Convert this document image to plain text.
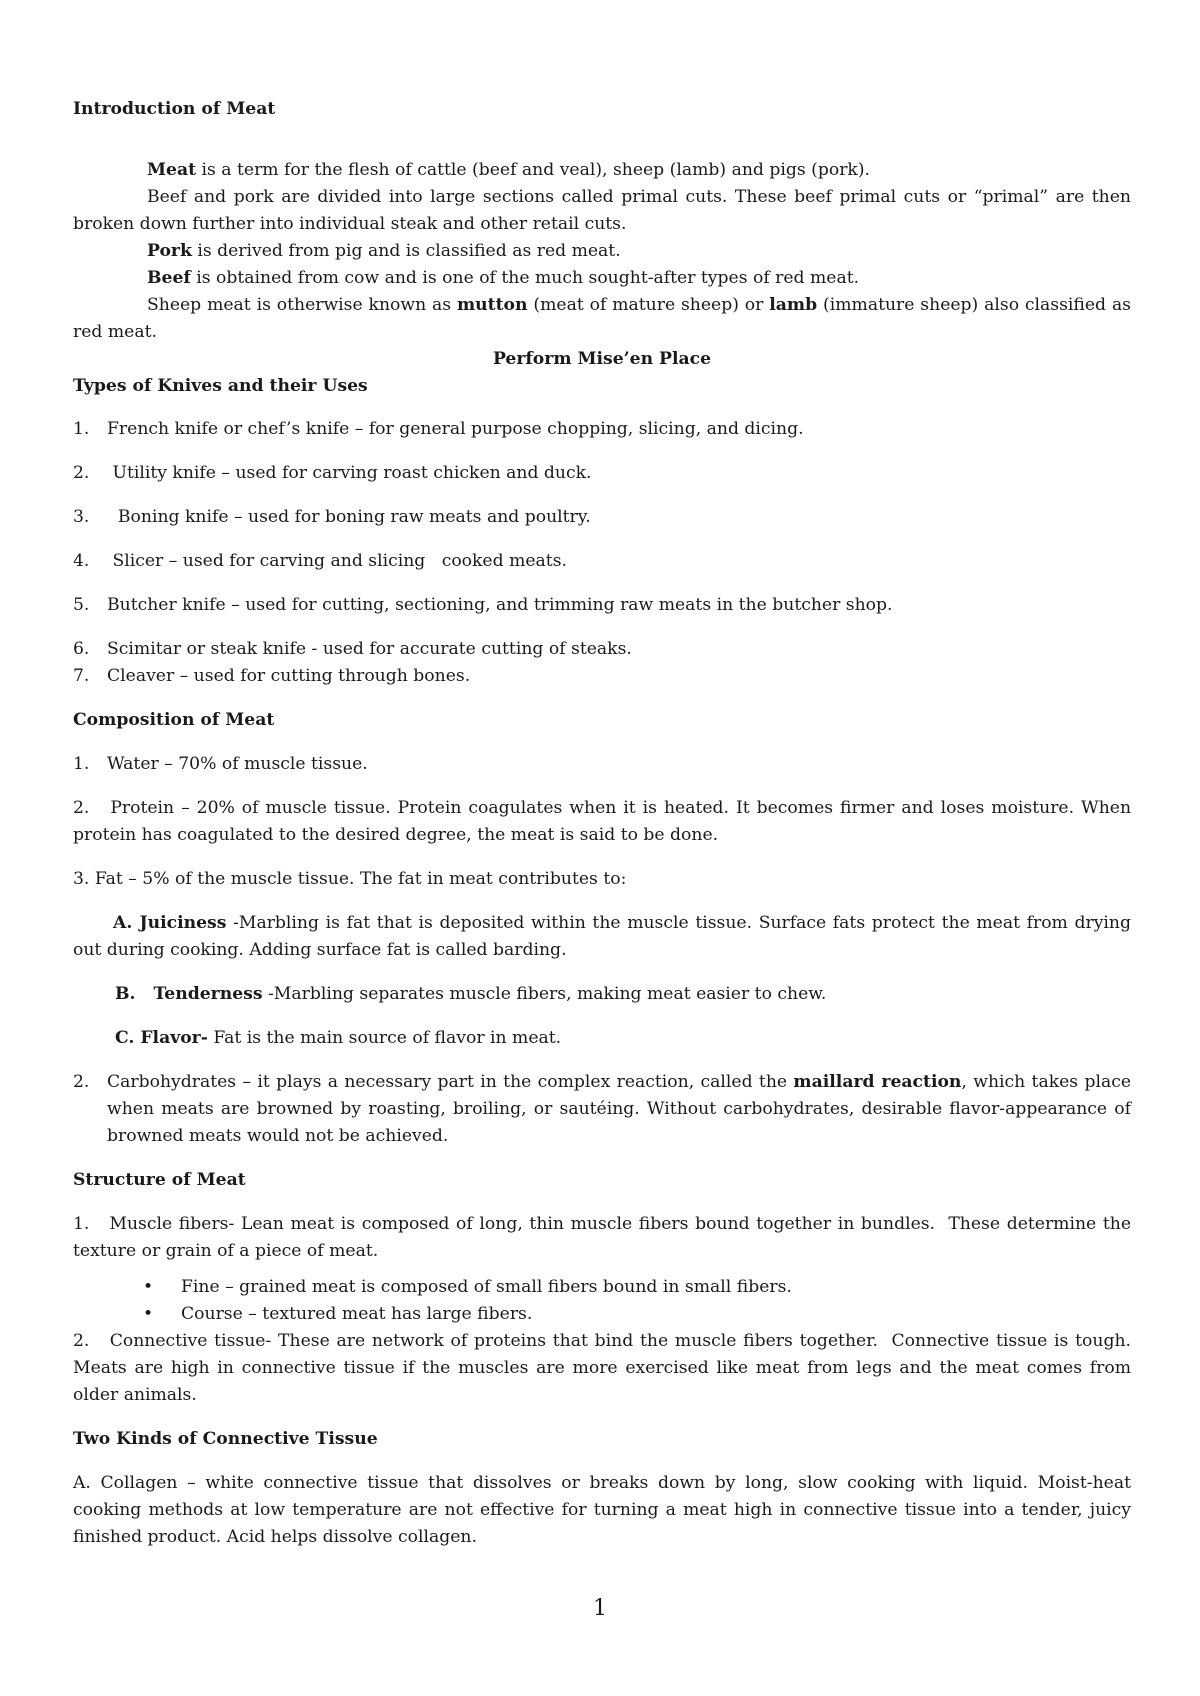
Introduction of Meat

Meat is a term for the flesh of cattle (beef and veal), sheep (lamb) and pigs (pork).

Beef and pork are divided into large sections called primal cuts. These beef primal cuts or “primal” are then broken down further into individual steak and other retail cuts.

Pork is derived from pig and is classified as red meat.

Beef is obtained from cow and is one of the much sought-after types of red meat.

Sheep meat is otherwise known as mutton (meat of mature sheep) or lamb (immature sheep) also classified as red meat.

Perform Mise’en Place

Types of Knives and their Uses

1.	French knife or chef’s knife – for general purpose chopping, slicing, and dicing.
2.	Utility knife – used for carving roast chicken and duck.
3.	Boning knife – used for boning raw meats and poultry.
4.	Slicer – used for carving and slicing   cooked meats.
5.	Butcher knife – used for cutting, sectioning, and trimming raw meats in the butcher shop.
6.	Scimitar or steak knife - used for accurate cutting of steaks.
7.	Cleaver – used for cutting through bones.

Composition of Meat

1.	Water – 70% of muscle tissue.

2. Protein – 20% of muscle tissue. Protein coagulates when it is heated. It becomes firmer and loses moisture. When protein has coagulated to the desired degree, the meat is said to be done.

3. Fat – 5% of the muscle tissue. The fat in meat contributes to:

A. Juiciness -Marbling is fat that is deposited within the muscle tissue. Surface fats protect the meat from drying out during cooking. Adding surface fat is called barding.

B.   Tenderness -Marbling separates muscle fibers, making meat easier to chew.

C. Flavor- Fat is the main source of flavor in meat.

2.	Carbohydrates – it plays a necessary part in the complex reaction, called the maillard reaction, which takes place when meats are browned by roasting, broiling, or sautéing. Without carbohydrates, desirable flavor-appearance of browned meats would not be achieved.

Structure of Meat

1.   Muscle fibers- Lean meat is composed of long, thin muscle fibers bound together in bundles.  These determine the texture or grain of a piece of meat.

•	Fine – grained meat is composed of small fibers bound in small fibers.
•	Course – textured meat has large fibers.

2.   Connective tissue- These are network of proteins that bind the muscle fibers together.  Connective tissue is tough.  Meats are high in connective tissue if the muscles are more exercised like meat from legs and the meat comes from older animals.

Two Kinds of Connective Tissue

A. Collagen – white connective tissue that dissolves or breaks down by long, slow cooking with liquid. Moist-heat cooking methods at low temperature are not effective for turning a meat high in connective tissue into a tender, juicy finished product. Acid helps dissolve collagen.

1
